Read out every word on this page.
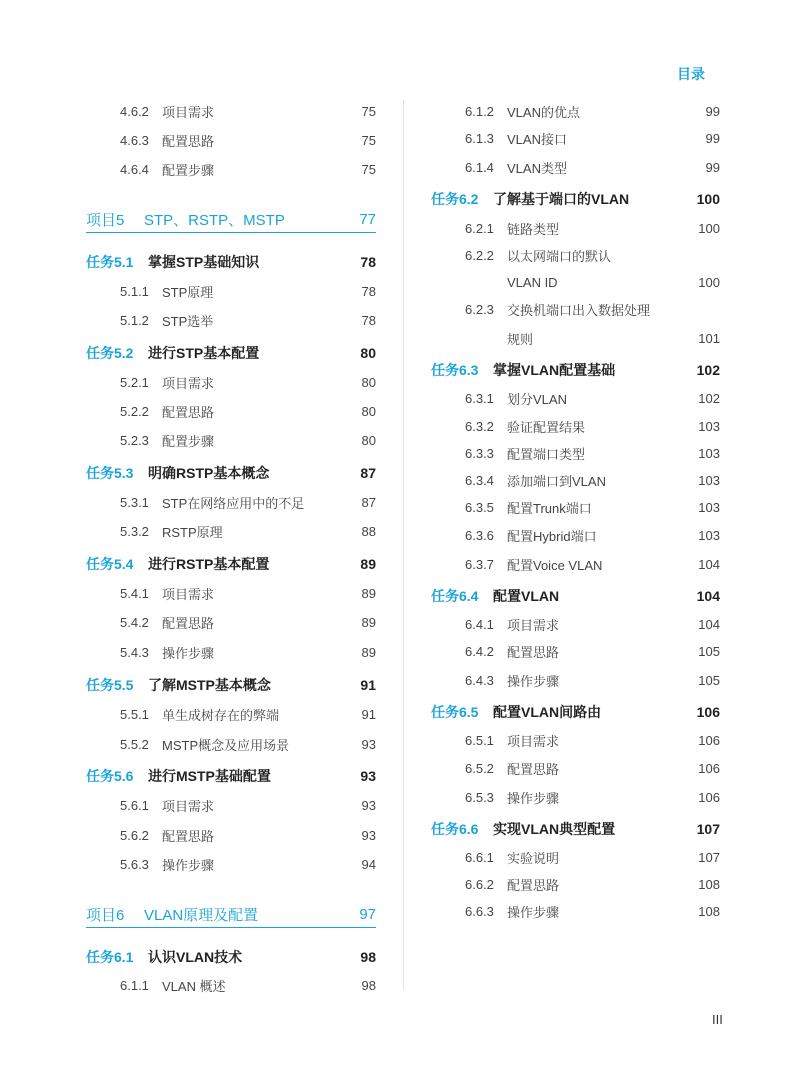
目录
4.6.2 项目需求	75
4.6.3 配置思路	75
4.6.4 配置步骤	75
项目5 STP、RSTP、MSTP	77
任务5.1 掌握STP基础知识	78
5.1.1 STP原理	78
5.1.2 STP选举	78
任务5.2 进行STP基本配置	80
5.2.1 项目需求	80
5.2.2 配置思路	80
5.2.3 配置步骤	80
任务5.3 明确RSTP基本概念	87
5.3.1 STP在网络应用中的不足	87
5.3.2 RSTP原理	88
任务5.4 进行RSTP基本配置	89
5.4.1 项目需求	89
5.4.2 配置思路	89
5.4.3 操作步骤	89
任务5.5 了解MSTP基本概念	91
5.5.1 单生成树存在的弊端	91
5.5.2 MSTP概念及应用场景	93
任务5.6 进行MSTP基础配置	93
5.6.1 项目需求	93
5.6.2 配置思路	93
5.6.3 操作步骤	94
项目6 VLAN原理及配置	97
任务6.1 认识VLAN技术	98
6.1.1 VLAN 概述	98
6.1.2 VLAN的优点	99
6.1.3 VLAN接口	99
6.1.4 VLAN类型	99
任务6.2 了解基于端口的VLAN	100
6.2.1 链路类型	100
6.2.2 以太网端口的默认
VLAN ID	100
6.2.3 交换机端口出入数据处理
规则	101
任务6.3 掌握VLAN配置基础	102
6.3.1 划分VLAN	102
6.3.2 验证配置结果	103
6.3.3 配置端口类型	103
6.3.4 添加端口到VLAN	103
6.3.5 配置Trunk端口	103
6.3.6 配置Hybrid端口	103
6.3.7 配置Voice VLAN	104
任务6.4 配置VLAN	104
6.4.1 项目需求	104
6.4.2 配置思路	105
6.4.3 操作步骤	105
任务6.5 配置VLAN间路由	106
6.5.1 项目需求	106
6.5.2 配置思路	106
6.5.3 操作步骤	106
任务6.6 实现VLAN典型配置	107
6.6.1 实验说明	107
6.6.2 配置思路	108
6.6.3 操作步骤	108
III
